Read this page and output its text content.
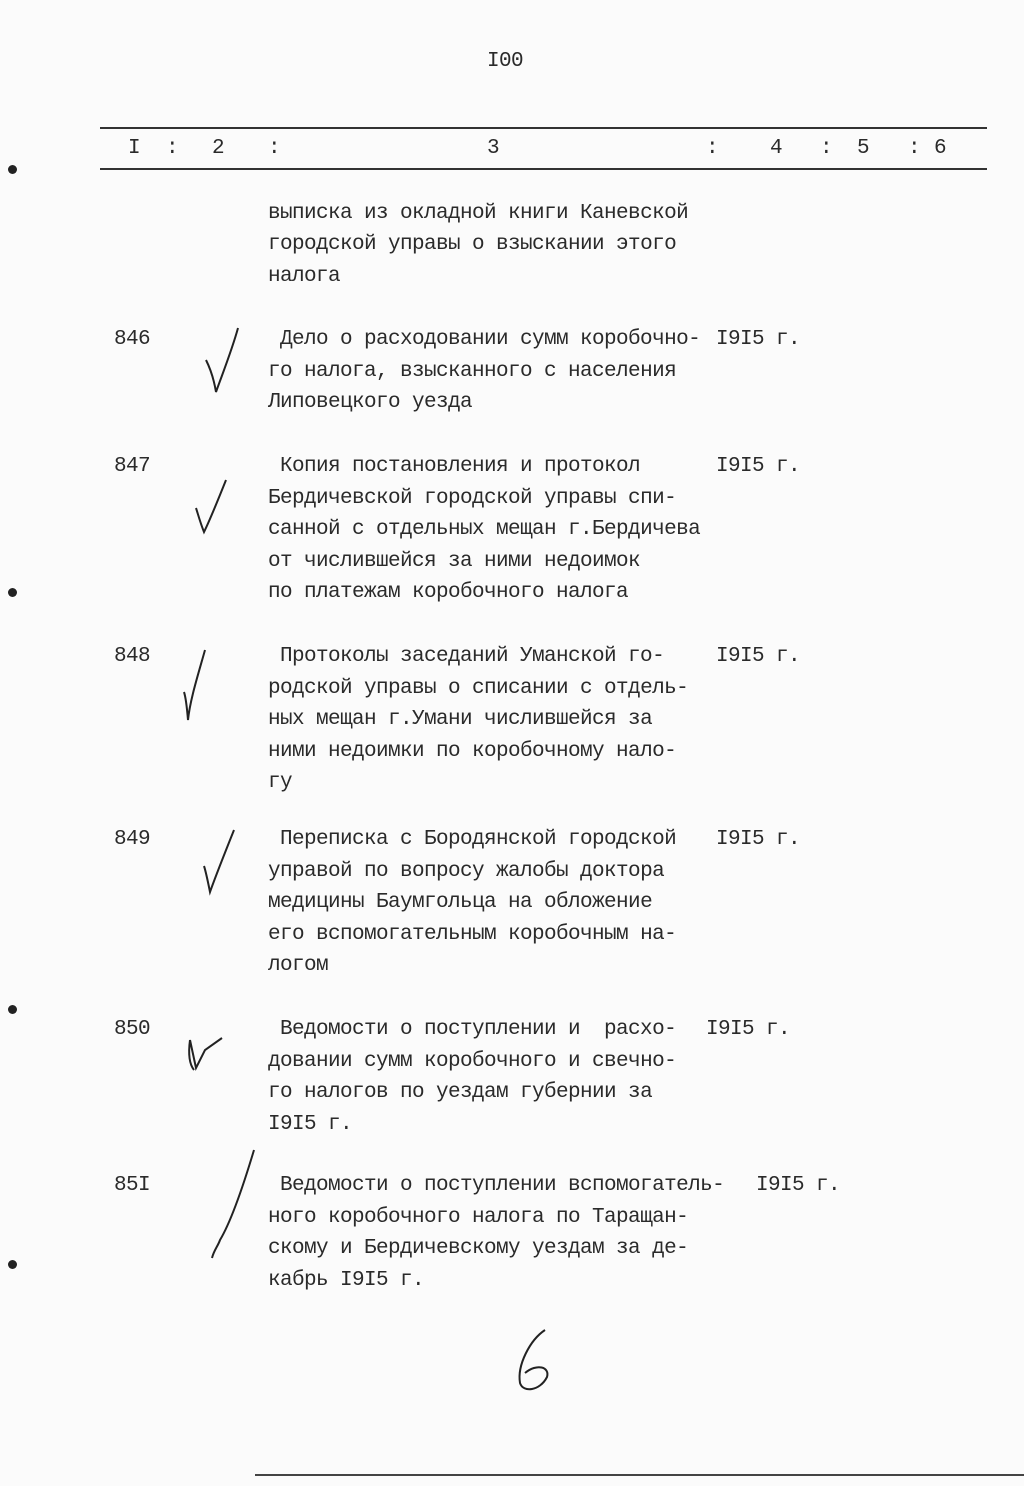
I00
I : 2 :	3	: 4 : 5 : 6
выписка из окладной книги Каневской
городской управы о взыскании этого
налога
846	Дело о расходовании сумм коробочно-
го налога, взысканного с населения
Липовецкого уезда
I9I5 г.
847	Копия постановления и протокол
Бердичевской городской управы спи-
санной с отдельных мещан г.Бердичева
от числившейся за ними недоимок
по платежам коробочного налога
I9I5 г.
848	Протоколы заседаний Уманской го-
родской управы о списании с отдель-
ных мещан г.Умани числившейся за
ними недоимки по коробочному нало-
гу
I9I5 г.
849	Переписка с Бородянской городской
управой по вопросу жалобы доктора
медицины Баумгольца на обложение
его вспомогательным коробочным на-
логом
I9I5 г.
850	Ведомости о поступлении и  расхо-
довании сумм коробочного и свечно-
го налогов по уездам губернии за
I9I5 г.
I9I5 г.
85I	Ведомости о поступлении вспомогатель-
ного коробочного налога по Таращан-
скому и Бердичевскому уездам за де-
кабрь I9I5 г.
I9I5 г.
